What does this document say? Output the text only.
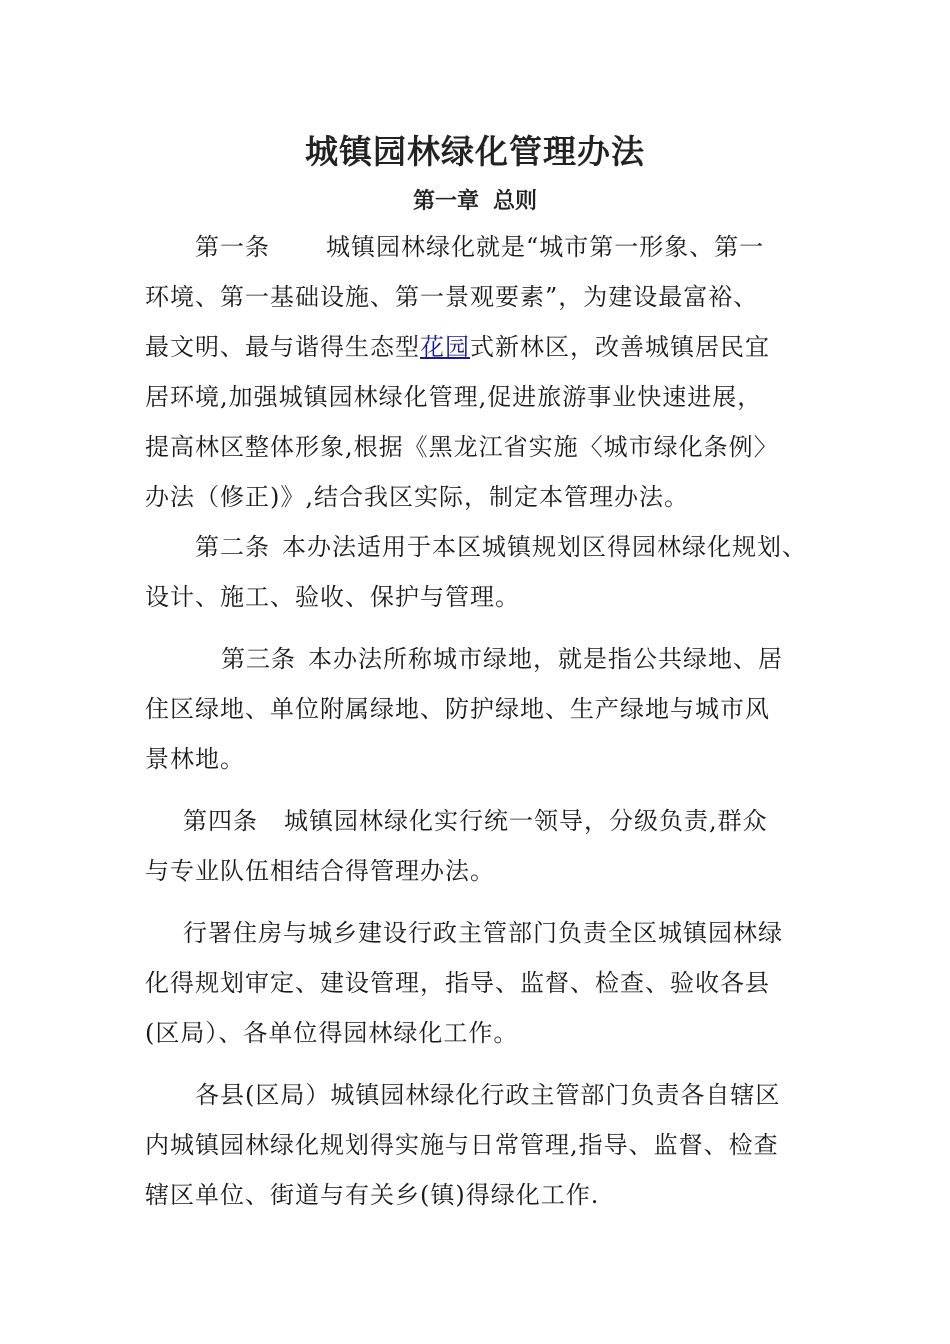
城镇园林绿化管理办法
第一章 总则
第一条 城镇园林绿化就是“城市第一形象、第一
环境、第一基础设施、第一景观要素”，为建设最富裕、
最文明、最与谐得生态型花园式新林区，改善城镇居民宜
居环境,加强城镇园林绿化管理,促进旅游事业快速进展，
提高林区整体形象,根据《黑龙江省实施〈城市绿化条例〉
办法（修正)》,结合我区实际，制定本管理办法。
第二条 本办法适用于本区城镇规划区得园林绿化规划、
设计、施工、验收、保护与管理。
第三条 本办法所称城市绿地，就是指公共绿地、居
住区绿地、单位附属绿地、防护绿地、生产绿地与城市风
景林地。
第四条 城镇园林绿化实行统一领导，分级负责,群众
与专业队伍相结合得管理办法。
行署住房与城乡建设行政主管部门负责全区城镇园林绿
化得规划审定、建设管理，指导、监督、检查、验收各县
(区局）、各单位得园林绿化工作。
各县(区局）城镇园林绿化行政主管部门负责各自辖区
内城镇园林绿化规划得实施与日常管理,指导、监督、检查
辖区单位、街道与有关乡(镇)得绿化工作.
